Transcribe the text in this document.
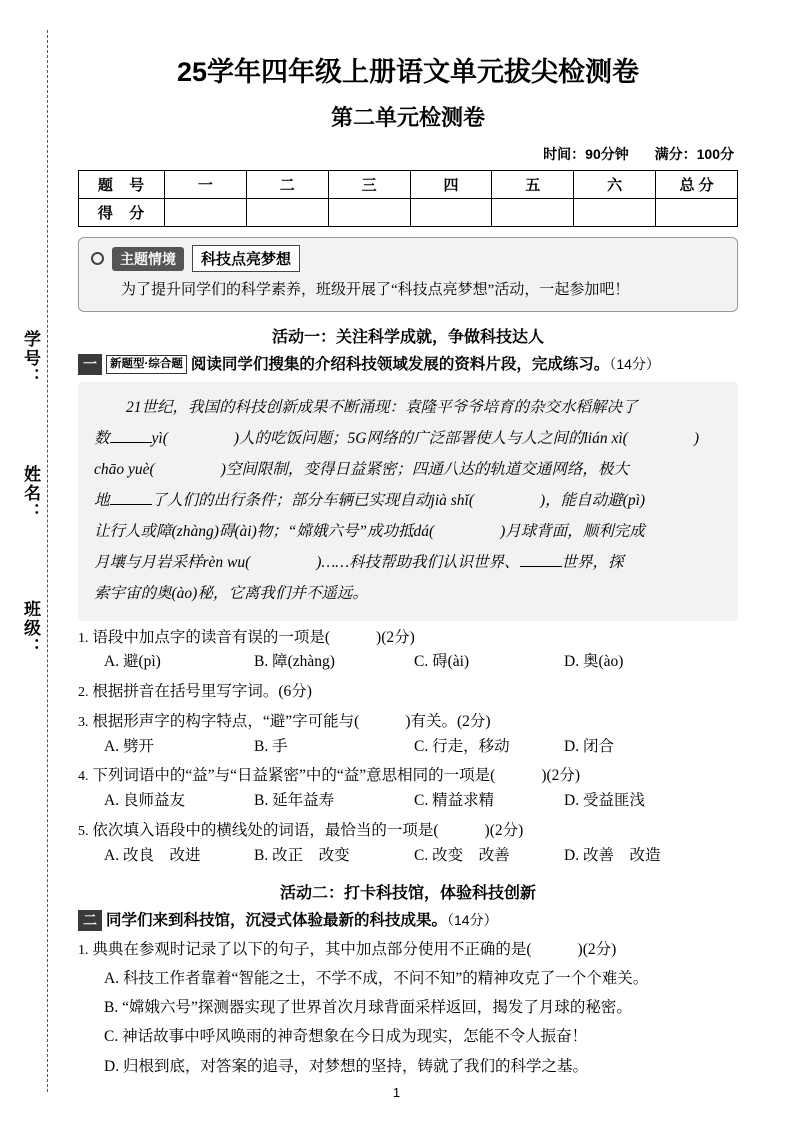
学号：
姓名：
班级：
25学年四年级上册语文单元拔尖检测卷
第二单元检测卷
时间：90分钟 满分：100分
题 号	一	二	三	四	五	六	总 分
得 分							
主题情境	科技点亮梦想
为了提升同学们的科学素养，班级开展了“科技点亮梦想”活动，一起参加吧！
活动一：关注科学成就，争做科技达人
一 新题型·综合题 阅读同学们搜集的介绍科技领域发展的资料片段，完成练习。（14分）

21世纪，我国的科技创新成果不断涌现：袁隆平爷爷培育的杂交水稻解决了

数	yì(	)人的吃饭问题；5G网络的广泛部署使人与人之间的lián xì(	)

chāo yuè(	)空间限制，变得日益紧密；四通八达的轨道交通网络，极大

地	了人们的出行条件；部分车辆已实现自动jià shǐ(	)，能自动避(pì)

让行人或障(zhàng)碍(ài)物；“嫦娥六号”成功抵dá(	)月球背面，顺利完成

月壤与月岩采样rèn wu(	)……科技帮助我们认识世界、	世界，探

索宇宙的奥(ào)秘，它离我们并不遥远。

1. 语段中加点字的读音有误的一项是(	)(2分)
A. 避(pì)	B. 障(zhàng)	C. 碍(ài)	D. 奥(ào)
2. 根据拼音在括号里写字词。(6分)
3. 根据形声字的构字特点，“避”字可能与(	)有关。(2分)
A. 劈开	B. 手	C. 行走，移动	D. 闭合
4. 下列词语中的“益”与“日益紧密”中的“益”意思相同的一项是(	)(2分)
A. 良师益友	B. 延年益寿	C. 精益求精	D. 受益匪浅
5. 依次填入语段中的横线处的词语，最恰当的一项是(	)(2分)
A. 改良　改进	B. 改正　改变	C. 改变　改善	D. 改善　改造
活动二：打卡科技馆，体验科技创新
二 同学们来到科技馆，沉浸式体验最新的科技成果。（14分）
1. 典典在参观时记录了以下的句子，其中加点部分使用不正确的是(	)(2分)
A. 科技工作者靠着“智能之士，不学不成，不问不知”的精神攻克了一个个难关。
B. “嫦娥六号”探测器实现了世界首次月球背面采样返回，揭发了月球的秘密。
C. 神话故事中呼风唤雨的神奇想象在今日成为现实，怎能不令人振奋！
D. 归根到底，对答案的追寻，对梦想的坚持，铸就了我们的科学之基。
1
